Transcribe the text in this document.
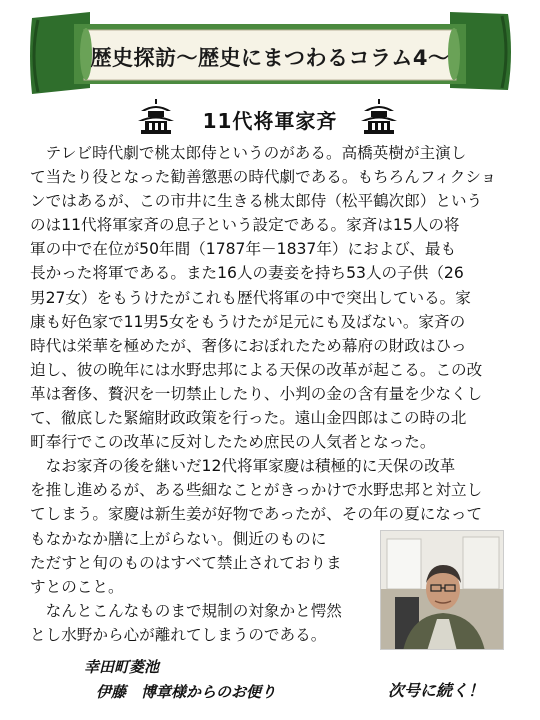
歴史探訪～歴史にまつわるコラム4～
11代将軍家斉
　テレビ時代劇で桃太郎侍というのがある。高橋英樹が主演し
て当たり役となった勧善懲悪の時代劇である。もちろんフィクショ
ンではあるが、この市井に生きる桃太郎侍（松平鶴次郎）という
のは11代将軍家斉の息子という設定である。家斉は15人の将
軍の中で在位が50年間（1787年－1837年）におよび、最も
長かった将軍である。また16人の妻妾を持ち53人の子供（26
男27女）をもうけたがこれも歴代将軍の中で突出している。家
康も好色家で11男5女をもうけたが足元にも及ばない。家斉の
時代は栄華を極めたが、奢侈におぼれたため幕府の財政はひっ
迫し、彼の晩年には水野忠邦による天保の改革が起こる。この改
革は奢侈、贅沢を一切禁止したり、小判の金の含有量を少なくし
て、徹底した緊縮財政政策を行った。遠山金四郎はこの時の北
町奉行でこの改革に反対したため庶民の人気者となった。
　なお家斉の後を継いだ12代将軍家慶は積極的に天保の改革
を推し進めるが、ある些細なことがきっかけで水野忠邦と対立し
てしまう。家慶は新生姜が好物であったが、その年の夏になって
もなかなか膳に上がらない。側近のものに
ただすと旬のものはすべて禁止されておりま
すとのこと。
　なんとこんなものまで規制の対象かと愕然
とし水野から心が離れてしまうのである。
幸田町菱池
伊藤　博章様からのお便り	次号に続く！
